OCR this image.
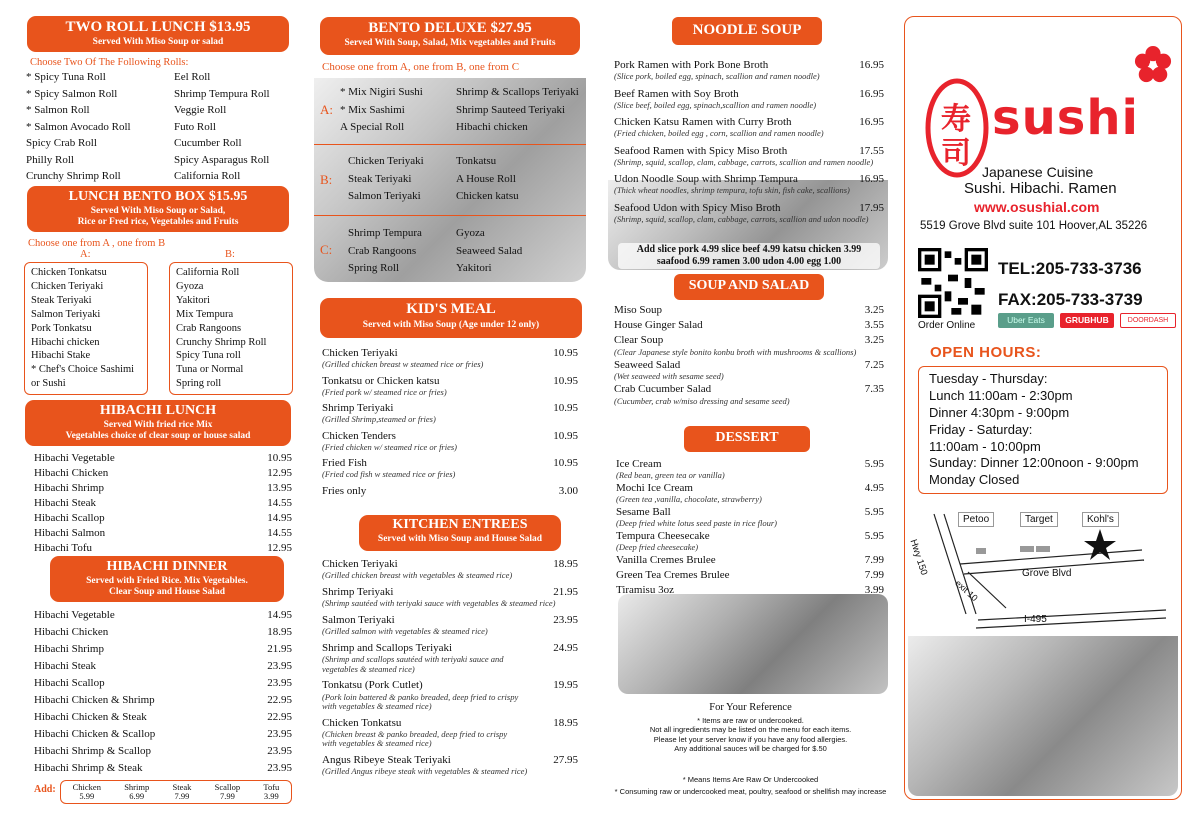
TWO ROLL LUNCH $13.95
Served With Miso Soup or salad
Choose Two Of The Following Rolls:
* Spicy Tuna Roll
* Spicy Salmon Roll
* Salmon Roll
* Salmon Avocado Roll
Spicy Crab Roll
Philly Roll
Crunchy Shrimp Roll
Eel Roll
Shrimp Tempura Roll
Veggie Roll
Futo Roll
Cucumber Roll
Spicy Asparagus Roll
California Roll
LUNCH BENTO BOX $15.95
Served With Miso Soup or Salad,
Rice or Fred rice, Vegetables and Fruits
Choose one from A , one from B
A:	B:
Chicken Tonkatsu
Chicken Teriyaki
Steak Teriyaki
Salmon Teriyaki
Pork Tonkatsu
Hibachi chicken
Hibachi Stake
* Chef's Choice Sashimi
or Sushi
California Roll
Gyoza
Yakitori
Mix Tempura
Crab Rangoons
Crunchy Shrimp Roll
Spicy Tuna roll
Tuna or Normal
Spring roll
HIBACHI LUNCH
Served With fried rice Mix
Vegetables choice of clear soup or house salad
Hibachi Vegetable	10.95
Hibachi Chicken	12.95
Hibachi Shrimp	13.95
Hibachi Steak	14.55
Hibachi Scallop	14.95
Hibachi Salmon	14.55
Hibachi Tofu	12.95
HIBACHI DINNER
Served with Fried Rice. Mix Vegetables.
Clear Soup and House Salad
Hibachi Vegetable	14.95
Hibachi Chicken	18.95
Hibachi Shrimp	21.95
Hibachi Steak	23.95
Hibachi Scallop	23.95
Hibachi Chicken & Shrimp	22.95
Hibachi Chicken & Steak	22.95
Hibachi Chicken & Scallop	23.95
Hibachi Shrimp & Scallop	23.95
Hibachi Shrimp & Steak	23.95
Add: Chicken
5.99
Shrimp
6.99
Steak
7.99
Scallop
7.99
Tofu
3.99
BENTO DELUXE $27.95
Served With Soup, Salad, Mix vegetables and Fruits
Choose one from A, one from B, one from C
A:
B:
C:
* Mix Nigiri Sushi
* Mix Sashimi
A Special Roll
Shrimp & Scallops Teriyaki
Shrimp Sauteed Teriyaki
Hibachi chicken
Chicken Teriyaki
Steak Teriyaki
Salmon Teriyaki
Tonkatsu
A House Roll
Chicken katsu
Shrimp Tempura
Crab Rangoons
Spring Roll
Gyoza
Seaweed Salad
Yakitori
KID'S MEAL
Served with Miso Soup (Age under 12 only)
Chicken Teriyaki	10.95
(Grilled chicken breast w steamed rice or fries)
Tonkatsu or Chicken katsu	10.95
(Fried pork w/ steamed rice or fries)
Shrimp Teriyaki	10.95
(Grilled Shrimp,steamed or fries)
Chicken Tenders	10.95
(Fried chicken w/ steamed rice or fries)
Fried Fish	10.95
(Fried cod fish w steamed rice or fries)
Fries only	3.00
KITCHEN ENTREES
Served with Miso Soup and House Salad
Chicken Teriyaki	18.95
(Grilled chicken breast with vegetables & steamed rice)
Shrimp Teriyaki	21.95
(Shrimp sautéed with teriyaki sauce with vegetables & steamed rice)
Salmon Teriyaki	23.95
(Grilled salmon with vegetables & steamed rice)
Shrimp and Scallops Teriyaki	24.95
(Shrimp and scallops sautéed with teriyaki sauce and
vegetables & steamed rice)
Tonkatsu (Pork Cutlet)	19.95
(Pork loin battered & panko breaded, deep fried to crispy
with vegetables & steamed rice)
Chicken Tonkatsu	18.95
(Chicken breast & panko breaded, deep fried to crispy
with vegetables & steamed rice)
Angus Ribeye Steak Teriyaki	27.95
(Grilled Angus ribeye steak with vegetables & steamed rice)
NOODLE SOUP
Pork Ramen with Pork Bone Broth	16.95
(Slice pork, boiled egg, spinach, scallion and ramen noodle)
Beef Ramen with Soy Broth	16.95
(Slice beef, boiled egg, spinach,scallion and ramen noodle)
Chicken Katsu Ramen with Curry Broth	16.95
(Fried chicken, boiled egg , corn, scallion and ramen noodle)
Seafood Ramen with Spicy Miso Broth	17.55
(Shrimp, squid, scallop, clam, cabbage, carrots, scallion and ramen noodle)
Udon Noodle Soup with Shrimp Tempura	16.95
(Thick wheat noodles, shrimp tempura, tofu skin, fish cake, scallions)
Seafood Udon with Spicy Miso Broth	17.95
(Shrimp, squid, scallop, clam, cabbage, carrots, scallion and udon noodle)
Add slice pork 4.99 slice beef 4.99 katsu chicken 3.99
saafood 6.99 ramen 3.00 udon 4.00 egg 1.00
SOUP AND SALAD
Miso Soup	3.25
House Ginger Salad	3.55
Clear Soup	3.25
(Clear Japanese style bonito konbu broth with mushrooms & scallions)
Seaweed Salad	7.25
(Wet seaweed with sesame seed)
Crab Cucumber Salad	7.35
(Cucumber, crab w/miso dressing and sesame seed)
DESSERT
Ice Cream	5.95
(Red bean, green tea or vanilla)
Mochi Ice Cream	4.95
(Green tea ,vanilla, chocolate, strawberry)
Sesame Ball	5.95
(Deep fried white lotus seed paste in rice flour)
Tempura Cheesecake	5.95
(Deep fried cheesecake)
Vanilla Cremes Brulee	7.99
Green Tea Cremes Brulee	7.99
Tiramisu 3oz	3.99
For Your Reference
* Items are raw or undercooked.
Not all ingredients may be listed on the menu for each items.
Please let your server know if you have any food allergies.
Any additional sauces will be charged for $.50
* Means Items Are Raw Or Undercooked
* Consuming raw or undercooked meat, poultry, seafood or shellfish may increase
寿
司
sushi
Japanese Cuisine
Sushi. Hibachi. Ramen
www.osushial.com
5519 Grove Blvd suite 101 Hoover,AL 35226
Order Online
TEL:205-733-3736
FAX:205-733-3739
Uber Eats	GRUBHUB	DOORDASH
OPEN HOURS:
Tuesday - Thursday:
Lunch 11:00am - 2:30pm
Dinner 4:30pm - 9:00pm
Friday - Saturday:
11:00am - 10:00pm
Sunday: Dinner 12:00noon - 9:00pm
Monday Closed
Petoo	Target	Kohl's
Hwy 150	Grove Blvd
exit 10
I-495
